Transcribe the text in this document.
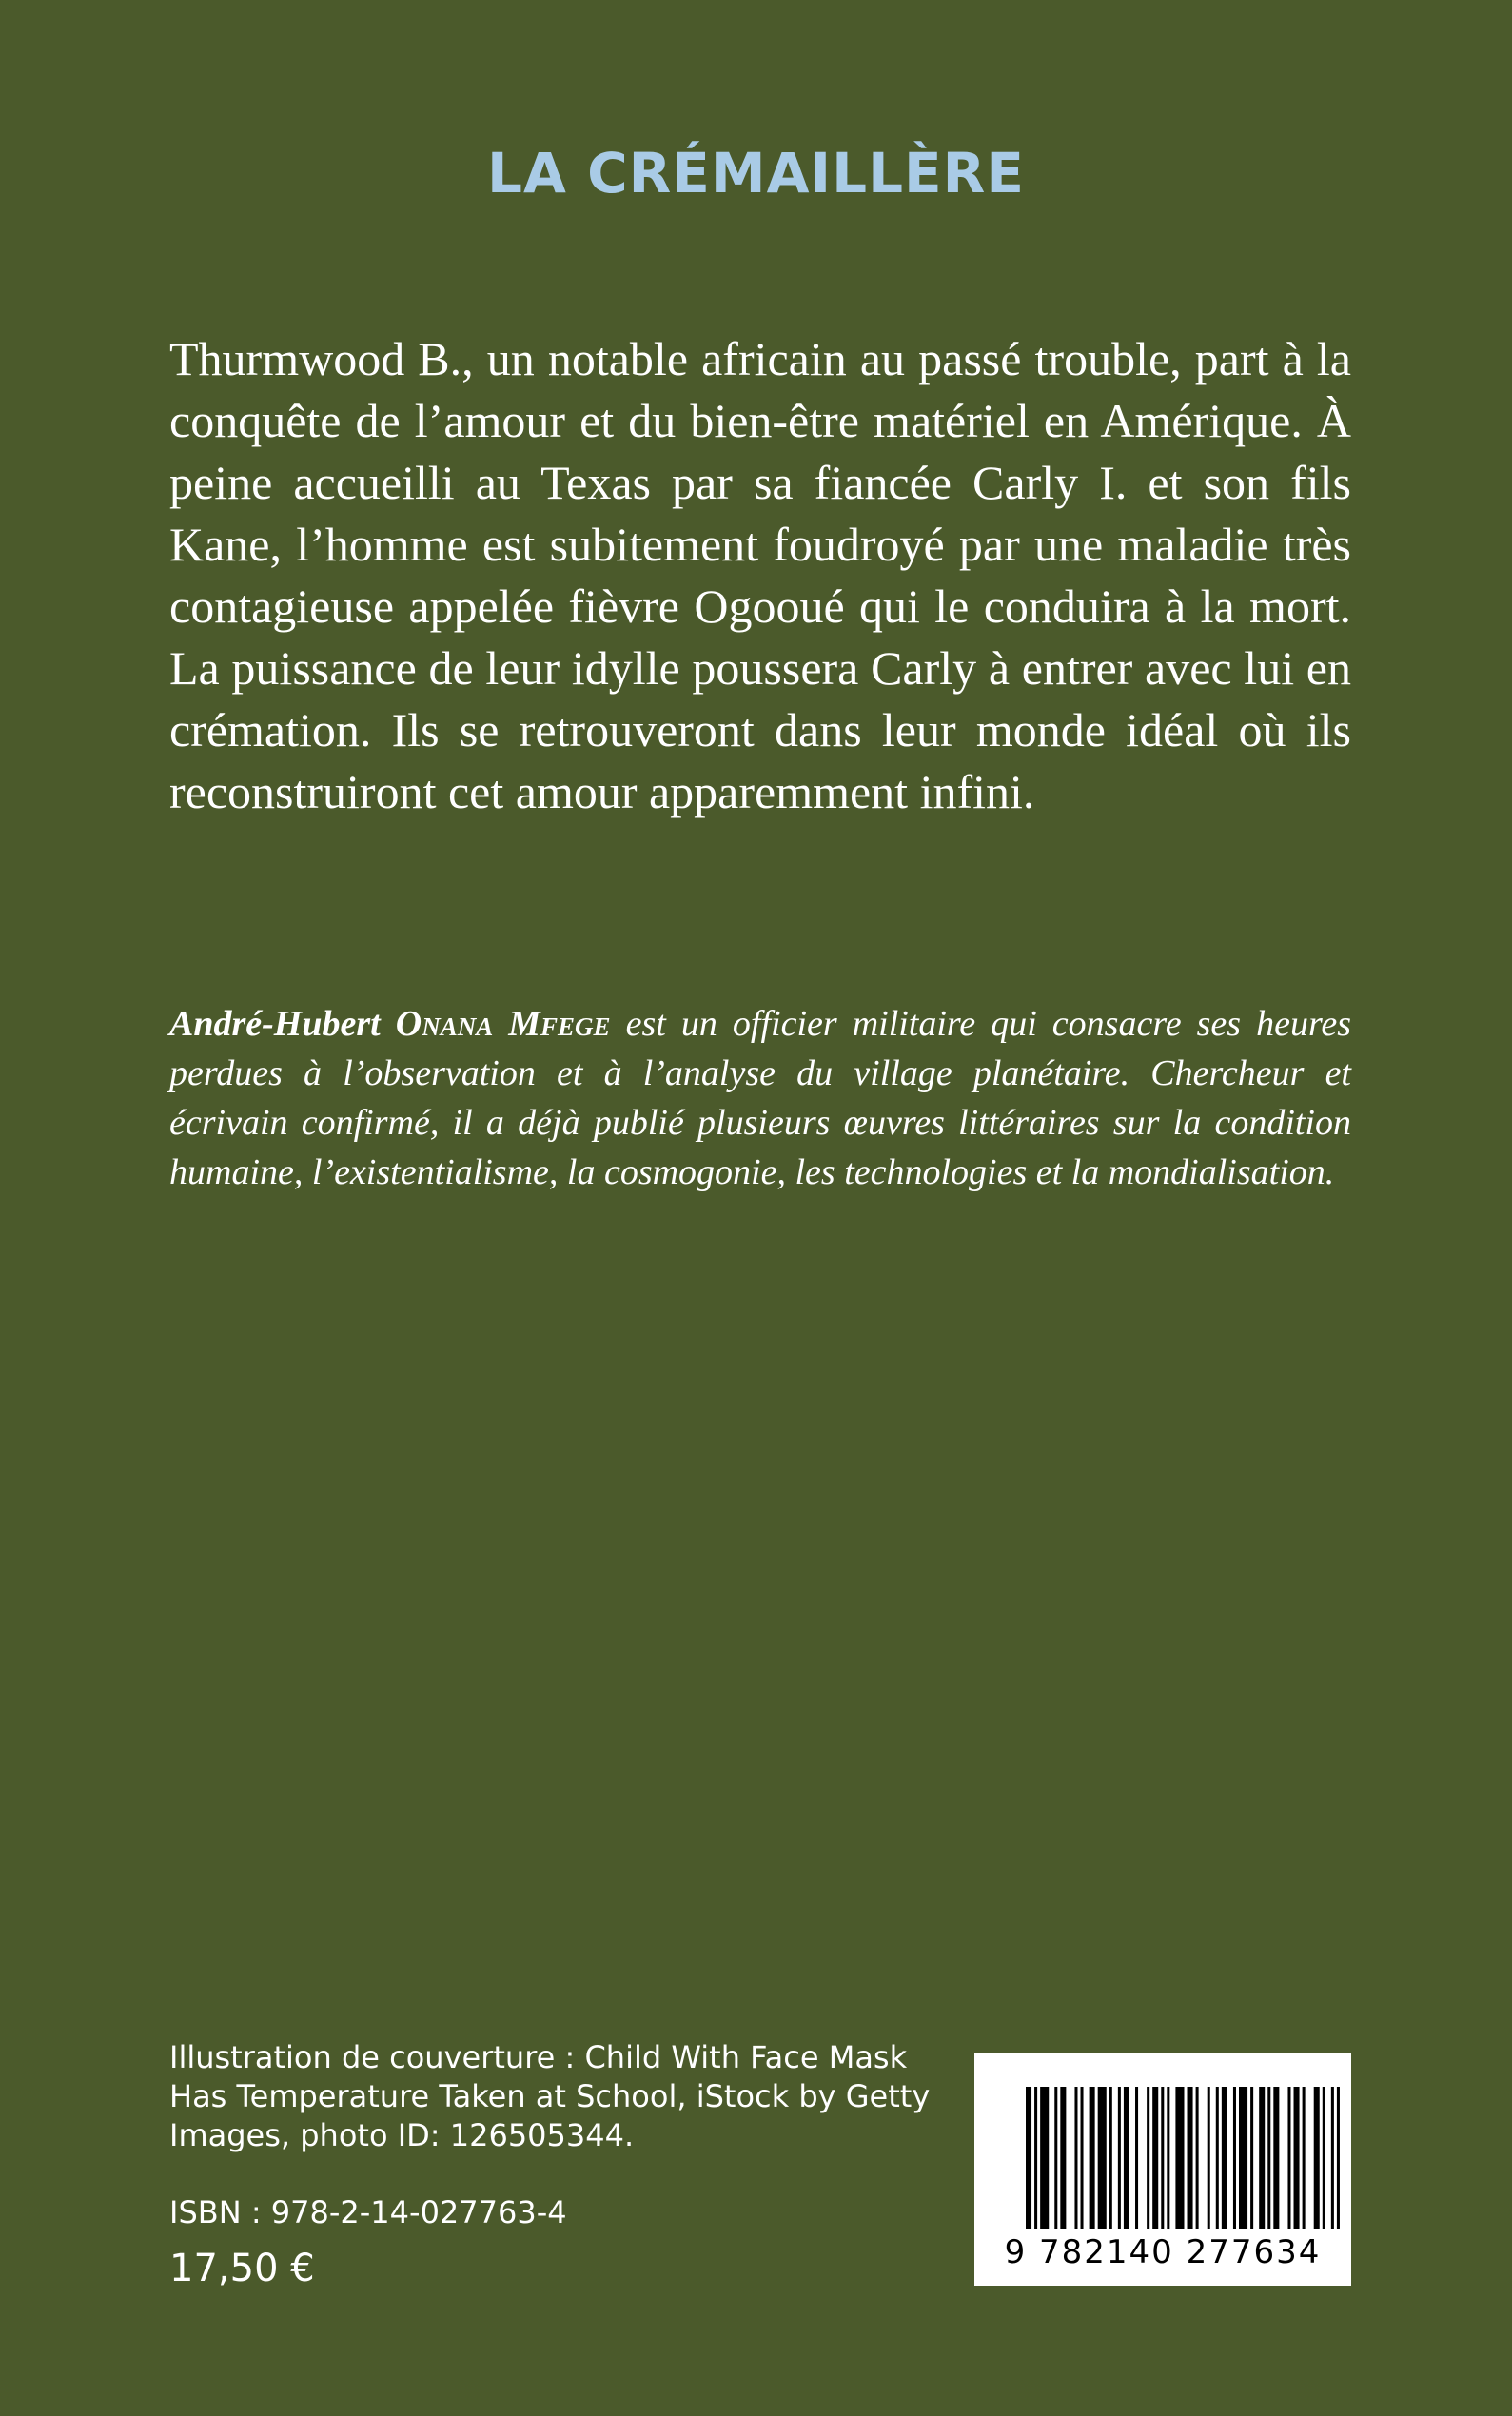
LA CRÉMAILLÈRE

Thurmwood B., un notable africain au passé trouble, part à la conquête de l’amour et du bien-être matériel en Amérique. À peine accueilli au Texas par sa fiancée Carly I. et son fils Kane, l’homme est subitement foudroyé par une maladie très contagieuse appelée fièvre Ogooué qui le conduira à la mort. La puissance de leur idylle poussera Carly à entrer avec lui en crémation. Ils se retrouveront dans leur monde idéal où ils reconstruiront cet amour apparemment infini.

André-Hubert Onana Mfege est un officier militaire qui consacre ses heures perdues à l’observation et à l’analyse du village planétaire. Chercheur et écrivain confirmé, il a déjà publié plusieurs œuvres littéraires sur la condition humaine, l’existentialisme, la cosmogonie, les technologies et la mondialisation.

Illustration de couverture : Child With Face Mask Has Temperature Taken at School, iStock by Getty Images, photo ID: 126505344.

ISBN : 978-2-14-027763-4
17,50 €	9 782140 277634
